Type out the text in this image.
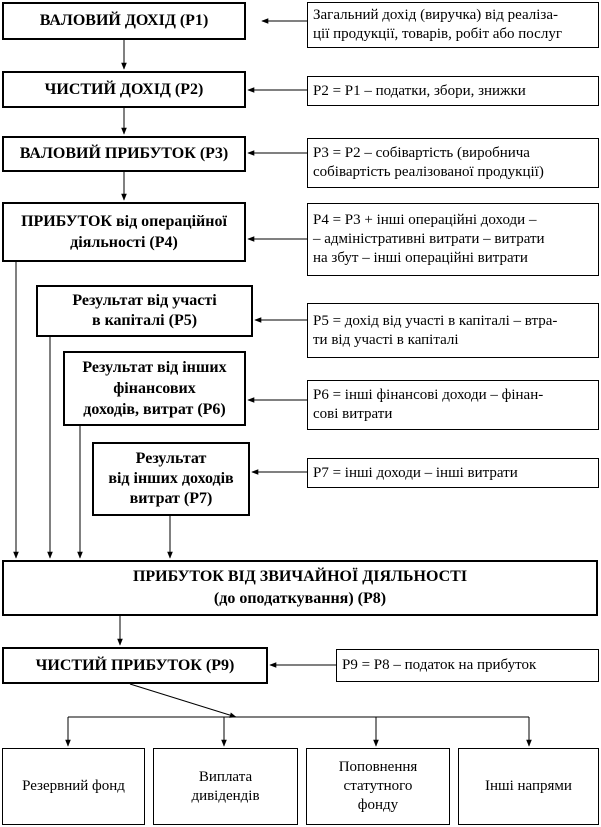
ВАЛОВИЙ ДОХІД (Р1)
ЧИСТИЙ ДОХІД (Р2)
ВАЛОВИЙ ПРИБУТОК (Р3)
ПРИБУТОК від операційної
діяльності (Р4)
Результат від участі
в капіталі (Р5)
Результат від інших
фінансових
доходів, витрат (Р6)
Результат
від інших доходів
витрат (Р7)
ПРИБУТОК ВІД ЗВИЧАЙНОЇ ДІЯЛЬНОСТІ
(до оподаткування) (Р8)
ЧИСТИЙ ПРИБУТОК (Р9)
Загальний дохід (виручка) від реаліза-
ції продукції, товарів, робіт або послуг
Р2 = Р1 – податки, збори, знижки
Р3 = Р2 – собівартість (виробнича
собівартість реалізованої продукції)
Р4 = Р3 + інші операційні доходи –
– адміністративні витрати – витрати
на збут – інші операційні витрати
Р5 = дохід від участі в капіталі – втра-
ти від участі в капіталі
Р6 = інші фінансові доходи – фінан-
сові витрати
Р7 = інші доходи – інші витрати
Р9 = Р8 – податок на прибуток
Резервний фонд
Виплата
дивідендів
Поповнення
статутного
фонду
Інші напрями
